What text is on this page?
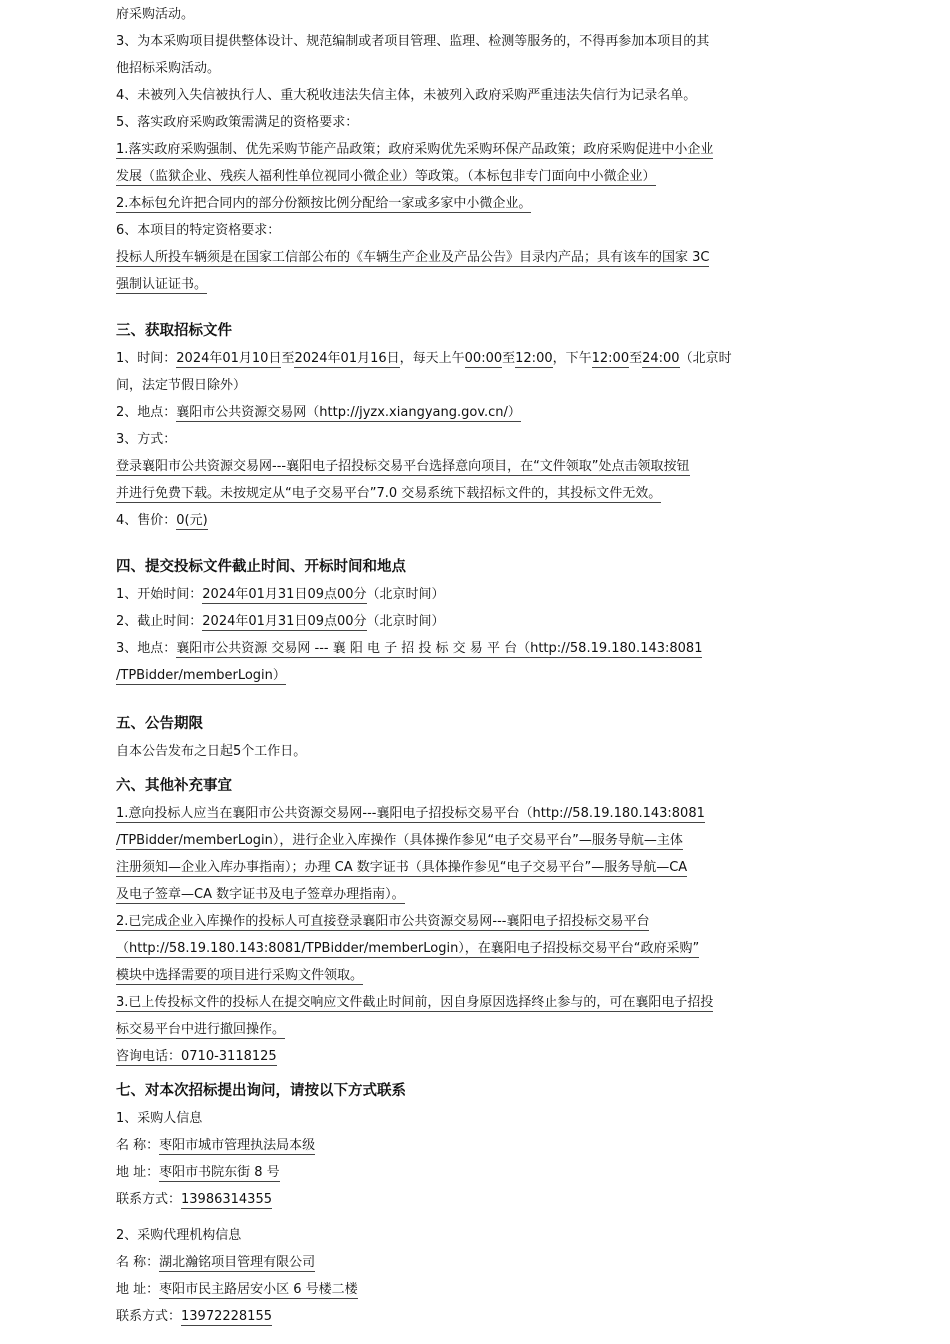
府采购活动。
3、为本采购项目提供整体设计、规范编制或者项目管理、监理、检测等服务的，不得再参加本项目的其
他招标采购活动。
4、未被列入失信被执行人、重大税收违法失信主体，未被列入政府采购严重违法失信行为记录名单。
5、落实政府采购政策需满足的资格要求：
1.落实政府采购强制、优先采购节能产品政策；政府采购优先采购环保产品政策；政府采购促进中小企业
发展（监狱企业、残疾人福利性单位视同小微企业）等政策。（本标包非专门面向中小微企业）
2.本标包允许把合同内的部分份额按比例分配给一家或多家中小微企业。
6、本项目的特定资格要求：
投标人所投车辆须是在国家工信部公布的《车辆生产企业及产品公告》目录内产品；具有该车的国家 3C
强制认证证书。
三、获取招标文件
1、时间：2024年01月10日至2024年01月16日，每天上午00:00至12:00，下午12:00至24:00（北京时
间，法定节假日除外）
2、地点：襄阳市公共资源交易网（http://jyzx.xiangyang.gov.cn/）
3、方式：
登录襄阳市公共资源交易网---襄阳电子招投标交易平台选择意向项目，在“文件领取”处点击领取按钮
并进行免费下载。未按规定从“电子交易平台”7.0 交易系统下载招标文件的，其投标文件无效。
4、售价：0(元)
四、提交投标文件截止时间、开标时间和地点
1、开始时间：2024年01月31日09点00分（北京时间）
2、截止时间：2024年01月31日09点00分（北京时间）
3、地点：襄阳市公共资源 交易网 --- 襄 阳 电 子 招 投 标 交 易 平 台（http://58.19.180.143:8081
/TPBidder/memberLogin）
五、公告期限
自本公告发布之日起5个工作日。
六、其他补充事宜
1.意向投标人应当在襄阳市公共资源交易网---襄阳电子招投标交易平台（http://58.19.180.143:8081
/TPBidder/memberLogin），进行企业入库操作（具体操作参见“电子交易平台”—服务导航—主体
注册须知—企业入库办事指南）；办理 CA 数字证书（具体操作参见“电子交易平台”—服务导航—CA
及电子签章—CA 数字证书及电子签章办理指南）。
2.已完成企业入库操作的投标人可直接登录襄阳市公共资源交易网---襄阳电子招投标交易平台
（http://58.19.180.143:8081/TPBidder/memberLogin），在襄阳电子招投标交易平台“政府采购”
模块中选择需要的项目进行采购文件领取。
3.已上传投标文件的投标人在提交响应文件截止时间前，因自身原因选择终止参与的，可在襄阳电子招投
标交易平台中进行撤回操作。
咨询电话：0710-3118125
七、对本次招标提出询问，请按以下方式联系
1、采购人信息
名 称：枣阳市城市管理执法局本级
地 址：枣阳市书院东街 8 号
联系方式：13986314355
2、采购代理机构信息
名 称：湖北瀚铭项目管理有限公司
地 址：枣阳市民主路居安小区 6 号楼二楼
联系方式：13972228155
